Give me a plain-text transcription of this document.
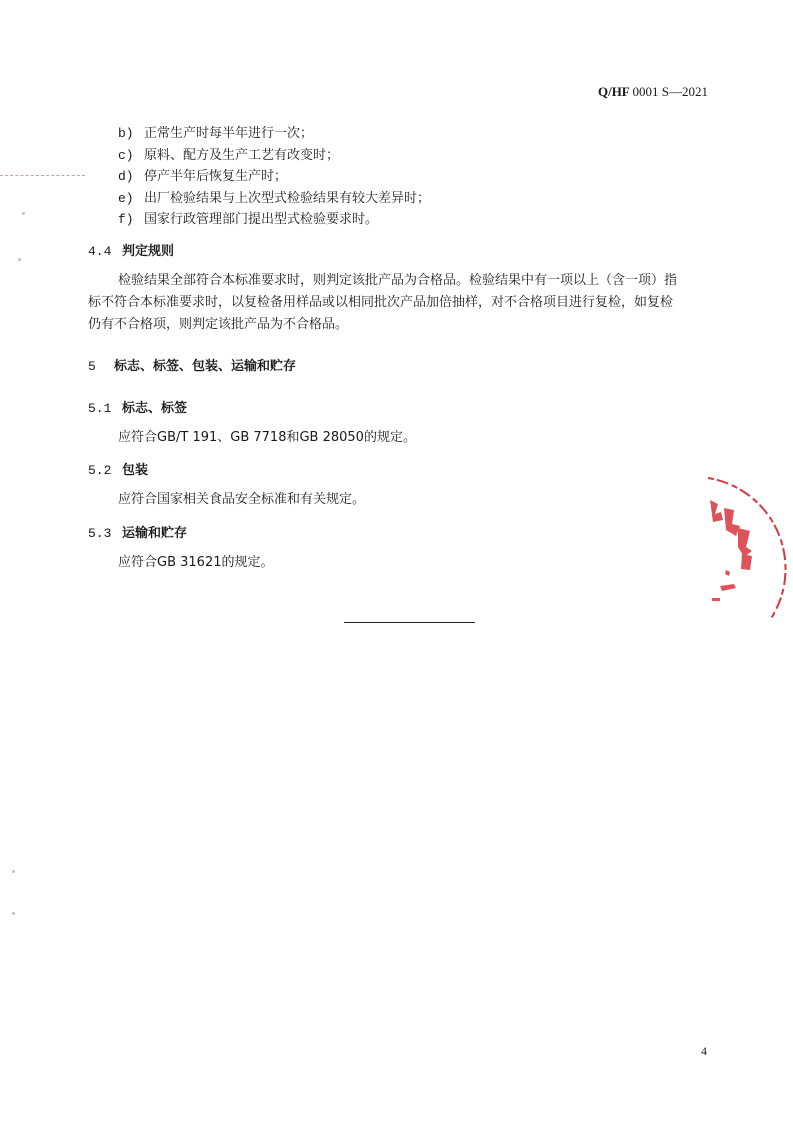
Q/HF 0001 S—2021
b) 正常生产时每半年进行一次；
c) 原料、配方及生产工艺有改变时；
d) 停产半年后恢复生产时；
e) 出厂检验结果与上次型式检验结果有较大差异时；
f) 国家行政管理部门提出型式检验要求时。
4.4 判定规则
检验结果全部符合本标准要求时，则判定该批产品为合格品。检验结果中有一项以上（含一项）指
标不符合本标准要求时，以复检备用样品或以相同批次产品加倍抽样，对不合格项目进行复检，如复检
仍有不合格项，则判定该批产品为不合格品。
5 标志、标签、包装、运输和贮存
5.1 标志、标签
应符合GB/T 191、GB 7718和GB 28050的规定。
5.2 包装
应符合国家相关食品安全标准和有关规定。
5.3 运输和贮存
应符合GB 31621的规定。
4
